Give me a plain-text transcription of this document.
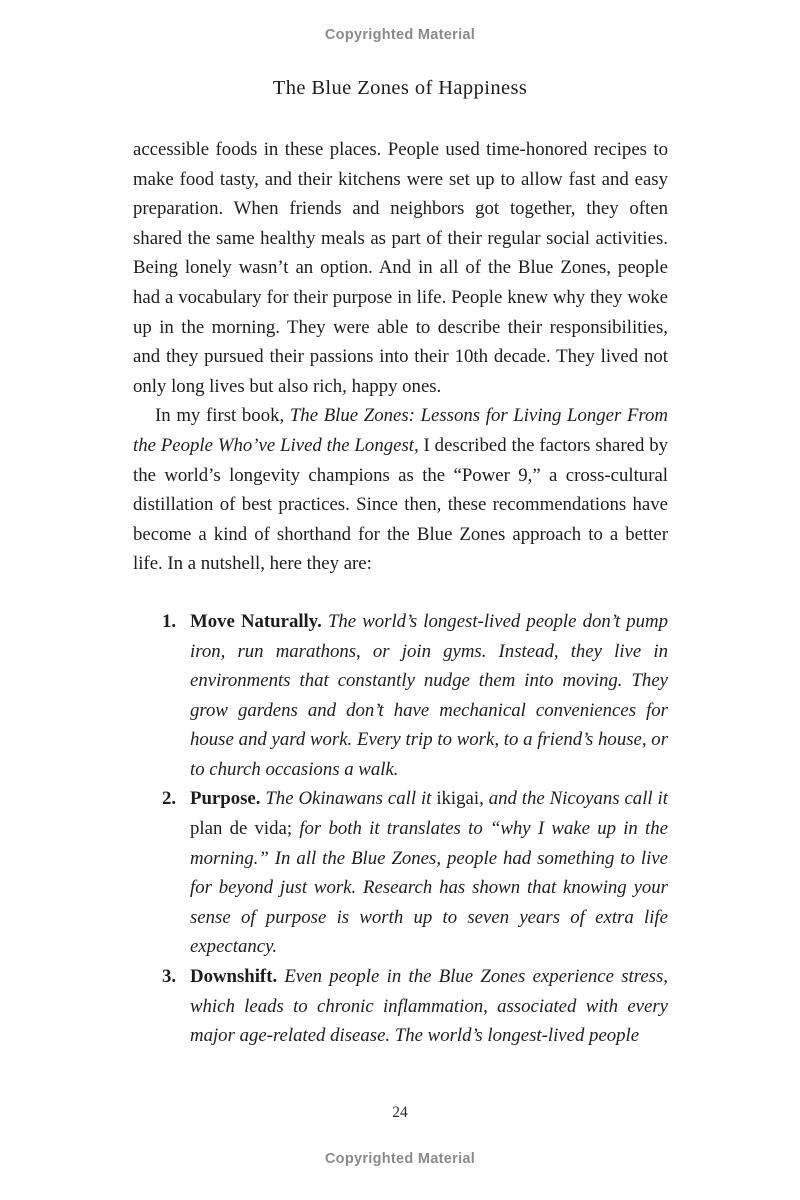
Copyrighted Material
The Blue Zones of Happiness

accessible foods in these places. People used time-honored recipes to make food tasty, and their kitchens were set up to allow fast and easy preparation. When friends and neighbors got together, they often shared the same healthy meals as part of their regular social activities. Being lonely wasn’t an option. And in all of the Blue Zones, people had a vocabulary for their purpose in life. People knew why they woke up in the morning. They were able to describe their responsibilities, and they pursued their passions into their 10th decade. They lived not only long lives but also rich, happy ones.

In my first book, The Blue Zones: Lessons for Living Longer From the People Who’ve Lived the Longest, I described the factors shared by the world’s longevity champions as the “Power 9,” a cross-cultural distillation of best practices. Since then, these recommendations have become a kind of shorthand for the Blue Zones approach to a better life. In a nutshell, here they are:

1. Move Naturally. The world’s longest-lived people don’t pump iron, run marathons, or join gyms. Instead, they live in environments that constantly nudge them into moving. They grow gardens and don’t have mechanical conveniences for house and yard work. Every trip to work, to a friend’s house, or to church occasions a walk.
2. Purpose. The Okinawans call it ikigai, and the Nicoyans call it plan de vida; for both it translates to “why I wake up in the morning.” In all the Blue Zones, people had something to live for beyond just work. Research has shown that knowing your sense of purpose is worth up to seven years of extra life expectancy.
3. Downshift. Even people in the Blue Zones experience stress, which leads to chronic inflammation, associated with every major age-related disease. The world’s longest-lived people
24
Copyrighted Material
